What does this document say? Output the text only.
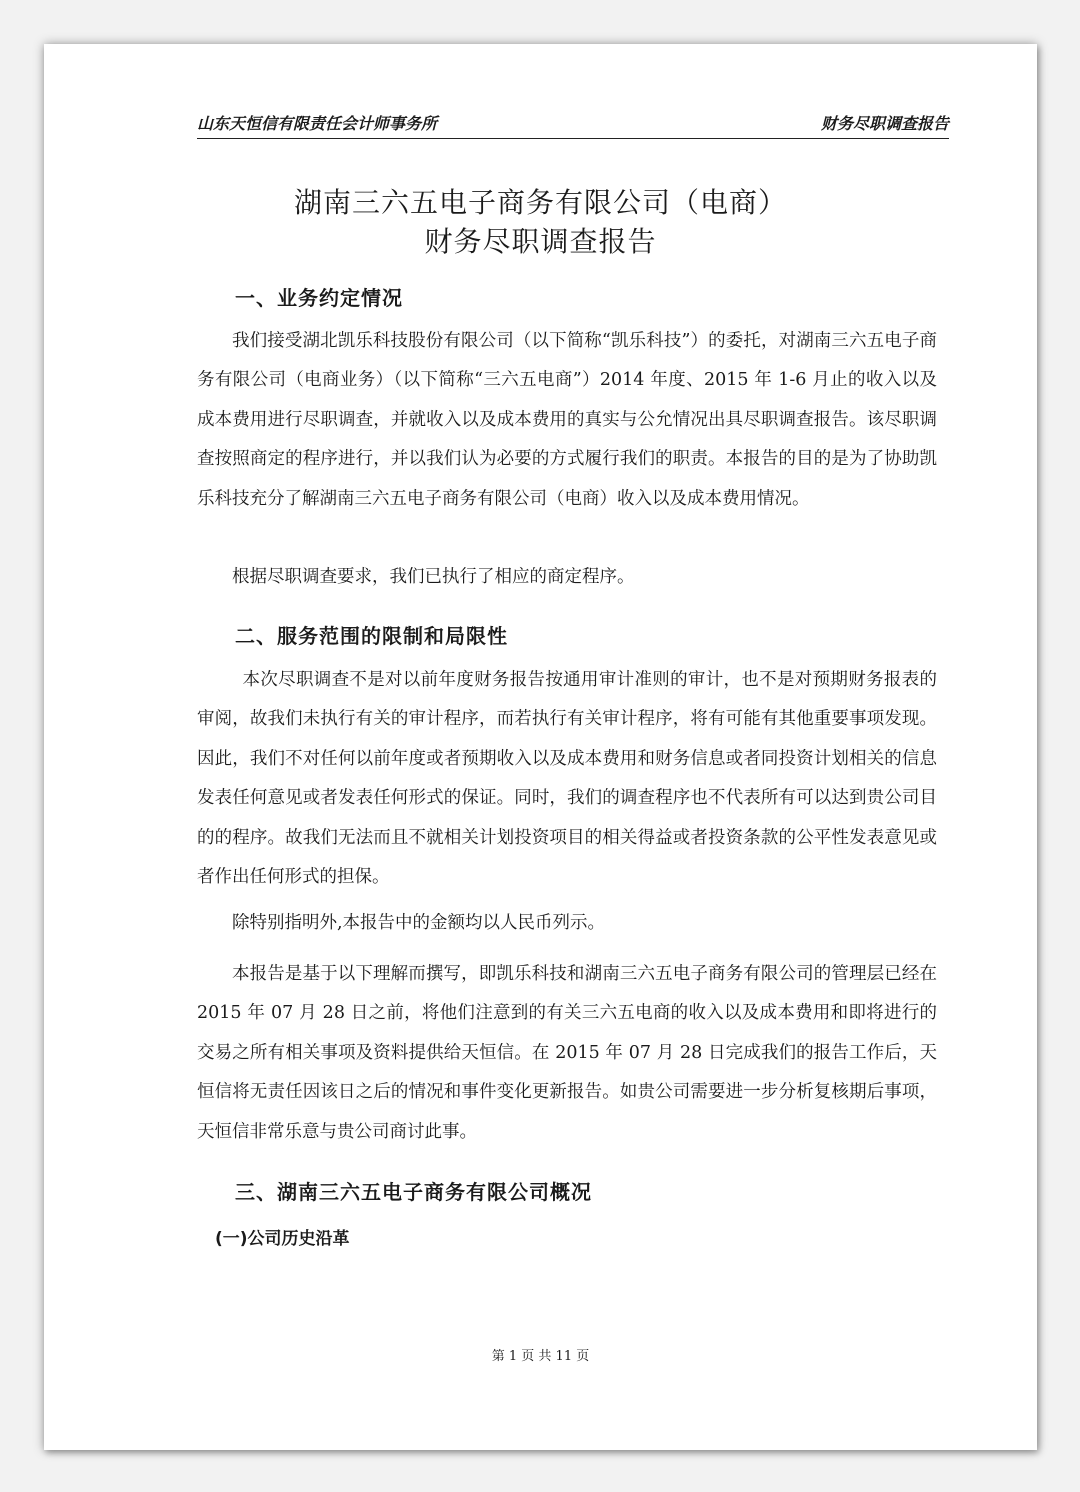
山东天恒信有限责任会计师事务所	财务尽职调查报告
湖南三六五电子商务有限公司（电商）
财务尽职调查报告
一、业务约定情况

我们接受湖北凯乐科技股份有限公司（以下简称“凯乐科技”）的委托，对湖南三六五电子商务有限公司（电商业务）（以下简称“三六五电商”）2014 年度、2015 年 1-6 月止的收入以及成本费用进行尽职调查，并就收入以及成本费用的真实与公允情况出具尽职调查报告。该尽职调查按照商定的程序进行，并以我们认为必要的方式履行我们的职责。本报告的目的是为了协助凯乐科技充分了解湖南三六五电子商务有限公司（电商）收入以及成本费用情况。

根据尽职调查要求，我们已执行了相应的商定程序。

二、服务范围的限制和局限性

本次尽职调查不是对以前年度财务报告按通用审计准则的审计，也不是对预期财务报表的审阅，故我们未执行有关的审计程序，而若执行有关审计程序，将有可能有其他重要事项发现。因此，我们不对任何以前年度或者预期收入以及成本费用和财务信息或者同投资计划相关的信息发表任何意见或者发表任何形式的保证。同时，我们的调查程序也不代表所有可以达到贵公司目的的程序。故我们无法而且不就相关计划投资项目的相关得益或者投资条款的公平性发表意见或者作出任何形式的担保。

除特别指明外,本报告中的金额均以人民币列示。

本报告是基于以下理解而撰写，即凯乐科技和湖南三六五电子商务有限公司的管理层已经在 2015 年 07 月 28 日之前，将他们注意到的有关三六五电商的收入以及成本费用和即将进行的交易之所有相关事项及资料提供给天恒信。在 2015 年 07 月 28 日完成我们的报告工作后，天恒信将无责任因该日之后的情况和事件变化更新报告。如贵公司需要进一步分析复核期后事项，天恒信非常乐意与贵公司商讨此事。

三、湖南三六五电子商务有限公司概况
(一)公司历史沿革
第 1 页 共 11 页
